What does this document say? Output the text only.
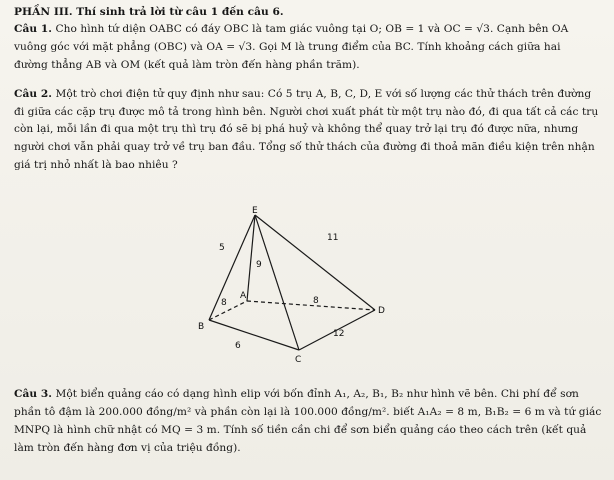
PHẦN III. Thí sinh trả lời từ câu 1 đến câu 6.
Câu 1. Cho hình tứ diện OABC có đáy OBC là tam giác vuông tại O; OB = 1 và OC = √3. Cạnh bên OA
vuông góc với mặt phẳng (OBC) và OA = √3. Gọi M là trung điểm của BC. Tính khoảng cách giữa hai
đường thẳng AB và OM (kết quả làm tròn đến hàng phần trăm).
Câu 2. Một trò chơi điện tử quy định như sau: Có 5 trụ A, B, C, D, E với số lượng các thử thách trên đường
đi giữa các cặp trụ được mô tả trong hình bên. Người chơi xuất phát từ một trụ nào đó, đi qua tất cả các trụ
còn lại, mỗi lần đi qua một trụ thì trụ đó sẽ bị phá huỷ và không thể quay trở lại trụ đó được nữa, nhưng
người chơi vẫn phải quay trở về trụ ban đầu. Tổng số thử thách của đường đi thoả mãn điều kiện trên nhận
giá trị nhỏ nhất là bao nhiêu ?
E
B
A
C
D
5
9
11
8	8
6
12
Câu 3. Một biển quảng cáo có dạng hình elip với bốn đỉnh A₁, A₂, B₁, B₂ như hình vẽ bên. Chi phí để sơn
phần tô đậm là 200.000 đồng/m² và phần còn lại là 100.000 đồng/m². biết A₁A₂ = 8 m, B₁B₂ = 6 m và tứ giác
MNPQ là hình chữ nhật có MQ = 3 m. Tính số tiền cần chi để sơn biển quảng cáo theo cách trên (kết quả
làm tròn đến hàng đơn vị của triệu đồng).
